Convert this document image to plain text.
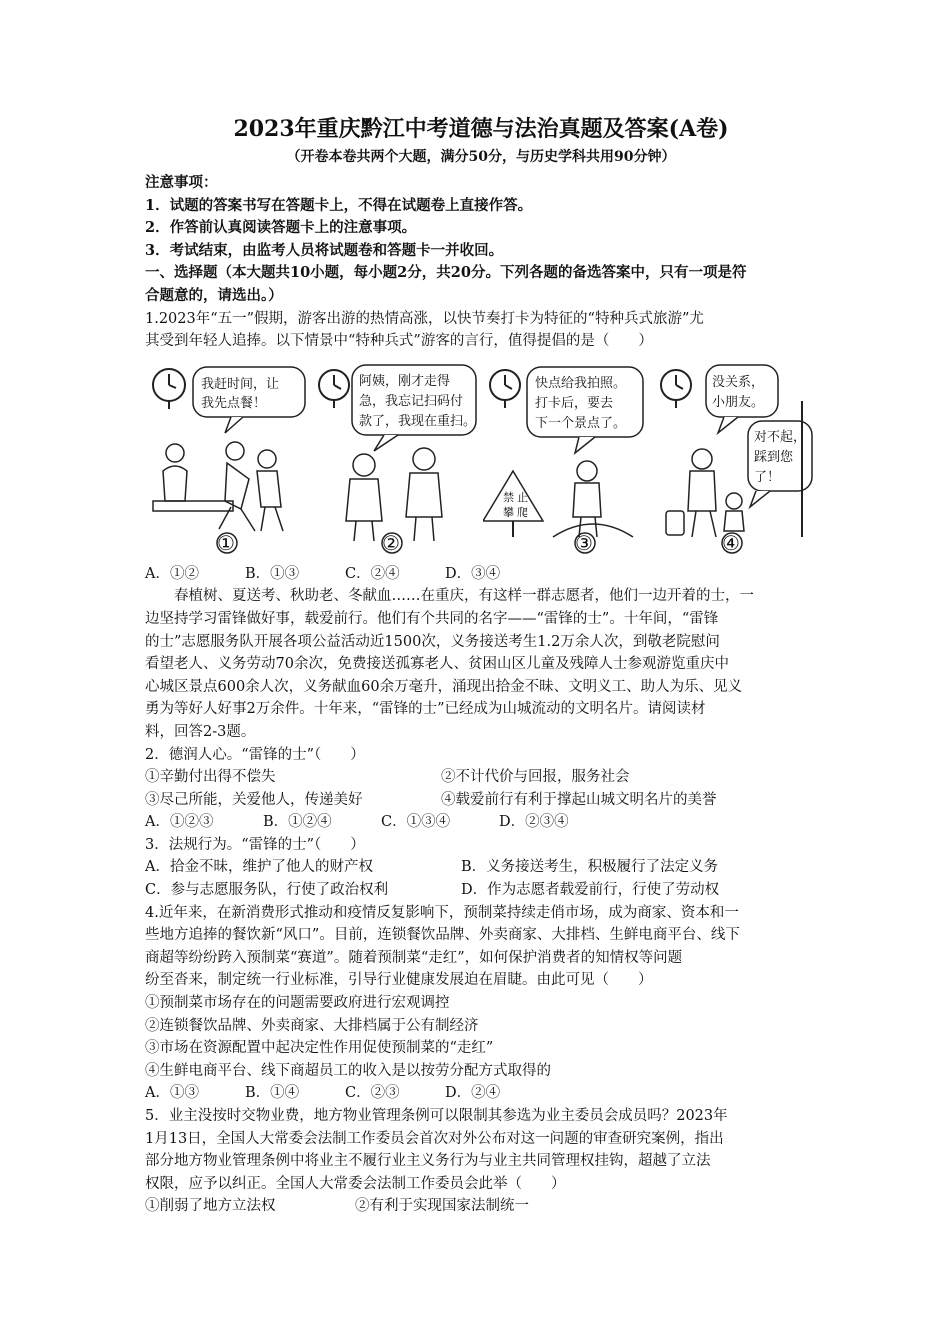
2023年重庆黔江中考道德与法治真题及答案(A卷)

（开卷本卷共两个大题，满分50分，与历史学科共用90分钟）

注意事项：

1．试题的答案书写在答题卡上，不得在试题卷上直接作答。

2．作答前认真阅读答题卡上的注意事项。

3．考试结束，由监考人员将试题卷和答题卡一并收回。

一、选择题（本大题共10小题，每小题2分，共20分。下列各题的备选答案中，只有一项是符

合题意的，请选出。）

1.2023年“五一”假期，游客出游的热情高涨，以快节奏打卡为特征的“特种兵式旅游”尤

其受到年轻人追捧。以下情景中“特种兵式”游客的言行，值得提倡的是（　　）

我赶时间，让
我先点餐！
①
阿姨，刚才走得
急，我忘记扫码付
款了，我现在重扫。
②
快点给我拍照。
打卡后，要去
下一个景点了。
禁
攀
止
爬
③
没关系，
小朋友。
对不起，
踩到您
了！
④
A．①②	B．①③	C．②④	D．③④

春植树、夏送考、秋助老、冬献血……在重庆，有这样一群志愿者，他们一边开着的士，一

边坚持学习雷锋做好事，载爱前行。他们有个共同的名字——“雷锋的士”。十年间，“雷锋

的士”志愿服务队开展各项公益活动近1500次，义务接送考生1.2万余人次，到敬老院慰问

看望老人、义务劳动70余次，免费接送孤寡老人、贫困山区儿童及残障人士参观游览重庆中

心城区景点600余人次，义务献血60余万毫升，涌现出拾金不昧、文明义工、助人为乐、见义

勇为等好人好事2万余件。十年来，“雷锋的士”已经成为山城流动的文明名片。请阅读材

料，回答2-3题。

2．德润人心。“雷锋的士”（　　）

①辛勤付出得不偿失	②不计代价与回报，服务社会
③尽己所能，关爱他人，传递美好	④载爱前行有利于撑起山城文明名片的美誉
A．①②③	B．①②④	C．①③④	D．②③④

3．法规行为。“雷锋的士”（　　）

A．拾金不昧，维护了他人的财产权	B．义务接送考生，积极履行了法定义务
C．参与志愿服务队，行使了政治权利	D．作为志愿者载爱前行，行使了劳动权

4.近年来，在新消费形式推动和疫情反复影响下，预制菜持续走俏市场，成为商家、资本和一

些地方追捧的餐饮新“风口”。目前，连锁餐饮品牌、外卖商家、大排档、生鲜电商平台、线下

商超等纷纷跨入预制菜“赛道”。随着预制菜“走红”，如何保护消费者的知情权等问题

纷至沓来，制定统一行业标准，引导行业健康发展迫在眉睫。由此可见（　　）

①预制菜市场存在的问题需要政府进行宏观调控

②连锁餐饮品牌、外卖商家、大排档属于公有制经济

③市场在资源配置中起决定性作用促使预制菜的“走红”

④生鲜电商平台、线下商超员工的收入是以按劳分配方式取得的

A．①③	B．①④	C．②③	D．②④

5．业主没按时交物业费，地方物业管理条例可以限制其参选为业主委员会成员吗？2023年

1月13日，全国人大常委会法制工作委员会首次对外公布对这一问题的审查研究案例，指出

部分地方物业管理条例中将业主不履行业主义务行为与业主共同管理权挂钩，超越了立法

权限，应予以纠正。全国人大常委会法制工作委员会此举（　　）

①削弱了地方立法权	②有利于实现国家法制统一
